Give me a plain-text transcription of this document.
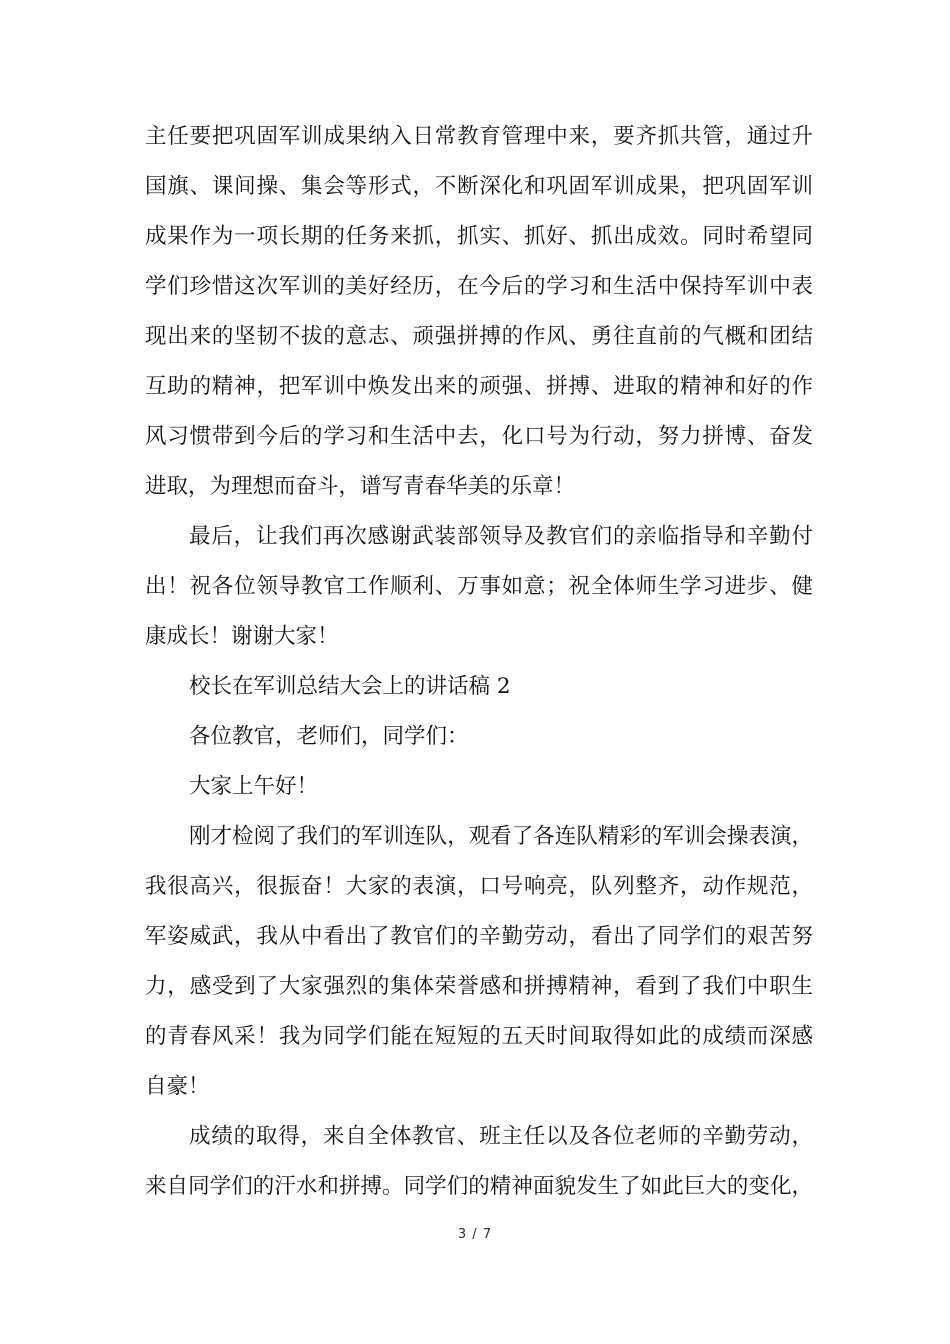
主任要把巩固军训成果纳入日常教育管理中来，要齐抓共管，通过升
国旗、课间操、集会等形式，不断深化和巩固军训成果，把巩固军训
成果作为一项长期的任务来抓，抓实、抓好、抓出成效。同时希望同
学们珍惜这次军训的美好经历，在今后的学习和生活中保持军训中表
现出来的坚韧不拔的意志、顽强拼搏的作风、勇往直前的气概和团结
互助的精神，把军训中焕发出来的顽强、拼搏、进取的精神和好的作
风习惯带到今后的学习和生活中去，化口号为行动，努力拼博、奋发
进取，为理想而奋斗，谱写青春华美的乐章！
最后，让我们再次感谢武装部领导及教官们的亲临指导和辛勤付
出！祝各位领导教官工作顺利、万事如意；祝全体师生学习进步、健
康成长！谢谢大家！
校长在军训总结大会上的讲话稿 2
各位教官，老师们，同学们：
大家上午好！
刚才检阅了我们的军训连队，观看了各连队精彩的军训会操表演，
我很高兴，很振奋！大家的表演，口号响亮，队列整齐，动作规范，
军姿威武，我从中看出了教官们的辛勤劳动，看出了同学们的艰苦努
力，感受到了大家强烈的集体荣誉感和拼搏精神，看到了我们中职生
的青春风采！我为同学们能在短短的五天时间取得如此的成绩而深感
自豪！
成绩的取得，来自全体教官、班主任以及各位老师的辛勤劳动，
来自同学们的汗水和拼搏。同学们的精神面貌发生了如此巨大的变化，
3 / 7
